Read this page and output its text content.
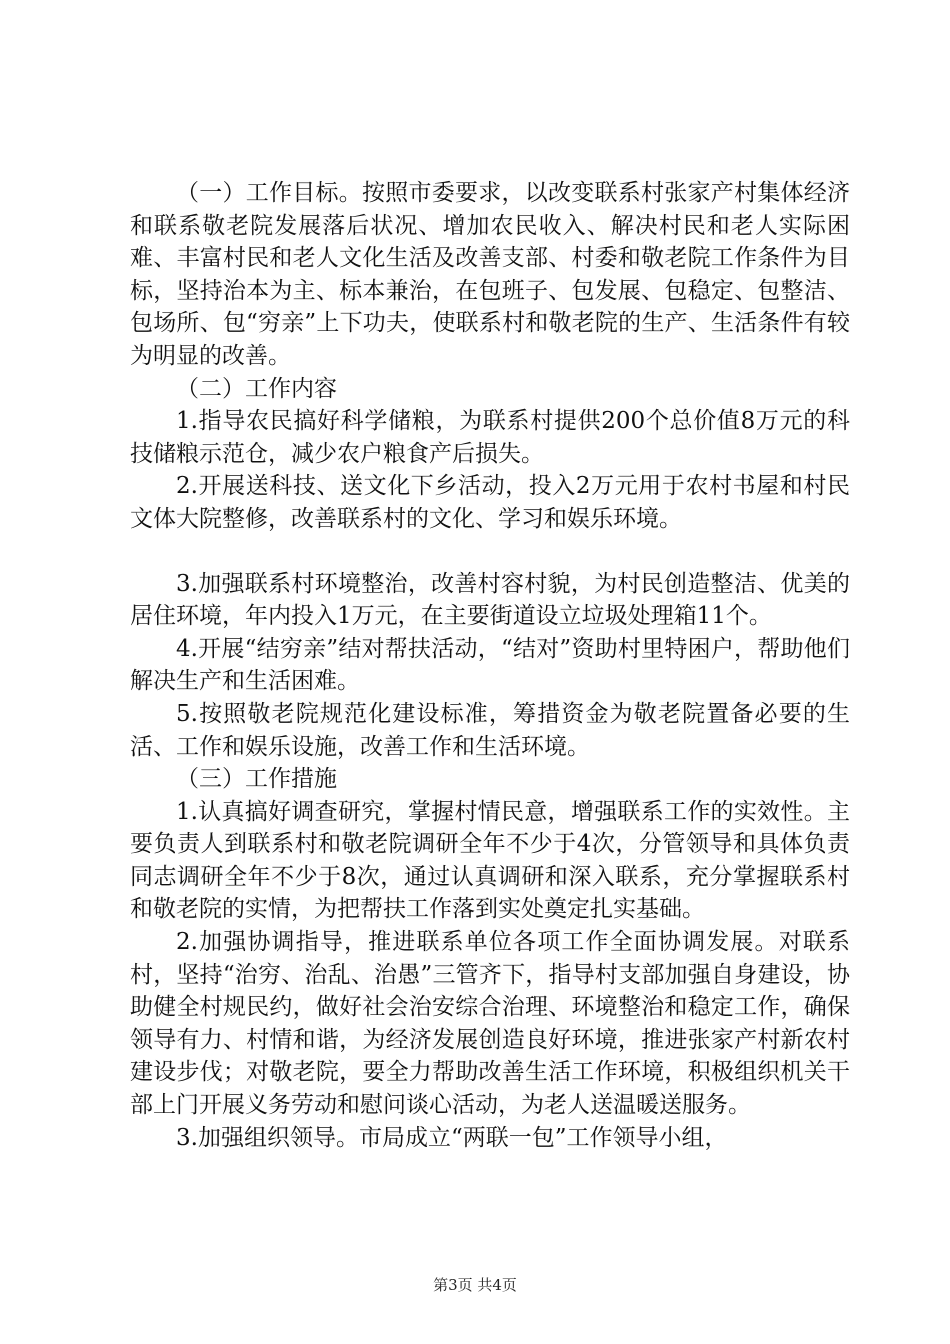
（一）工作目标。按照市委要求，以改变联系村张家产村集体经济和联系敬老院发展落后状况、增加农民收入、解决村民和老人实际困难、丰富村民和老人文化生活及改善支部、村委和敬老院工作条件为目标，坚持治本为主、标本兼治，在包班子、包发展、包稳定、包整洁、包场所、包“穷亲”上下功夫，使联系村和敬老院的生产、生活条件有较为明显的改善。

（二）工作内容

1.指导农民搞好科学储粮，为联系村提供200个总价值8万元的科技储粮示范仓，减少农户粮食产后损失。

2.开展送科技、送文化下乡活动，投入2万元用于农村书屋和村民文体大院整修，改善联系村的文化、学习和娱乐环境。

3.加强联系村环境整治，改善村容村貌，为村民创造整洁、优美的居住环境，年内投入1万元，在主要街道设立垃圾处理箱11个。

4.开展“结穷亲”结对帮扶活动，“结对”资助村里特困户，帮助他们解决生产和生活困难。

5.按照敬老院规范化建设标准，筹措资金为敬老院置备必要的生活、工作和娱乐设施，改善工作和生活环境。

（三）工作措施

1.认真搞好调查研究，掌握村情民意，增强联系工作的实效性。主要负责人到联系村和敬老院调研全年不少于4次，分管领导和具体负责同志调研全年不少于8次，通过认真调研和深入联系，充分掌握联系村和敬老院的实情，为把帮扶工作落到实处奠定扎实基础。

2.加强协调指导，推进联系单位各项工作全面协调发展。对联系村，坚持“治穷、治乱、治愚”三管齐下，指导村支部加强自身建设，协助健全村规民约，做好社会治安综合治理、环境整治和稳定工作，确保领导有力、村情和谐，为经济发展创造良好环境，推进张家产村新农村建设步伐；对敬老院，要全力帮助改善生活工作环境，积极组织机关干部上门开展义务劳动和慰问谈心活动，为老人送温暖送服务。

3.加强组织领导。市局成立“两联一包”工作领导小组，

第3页 共4页
